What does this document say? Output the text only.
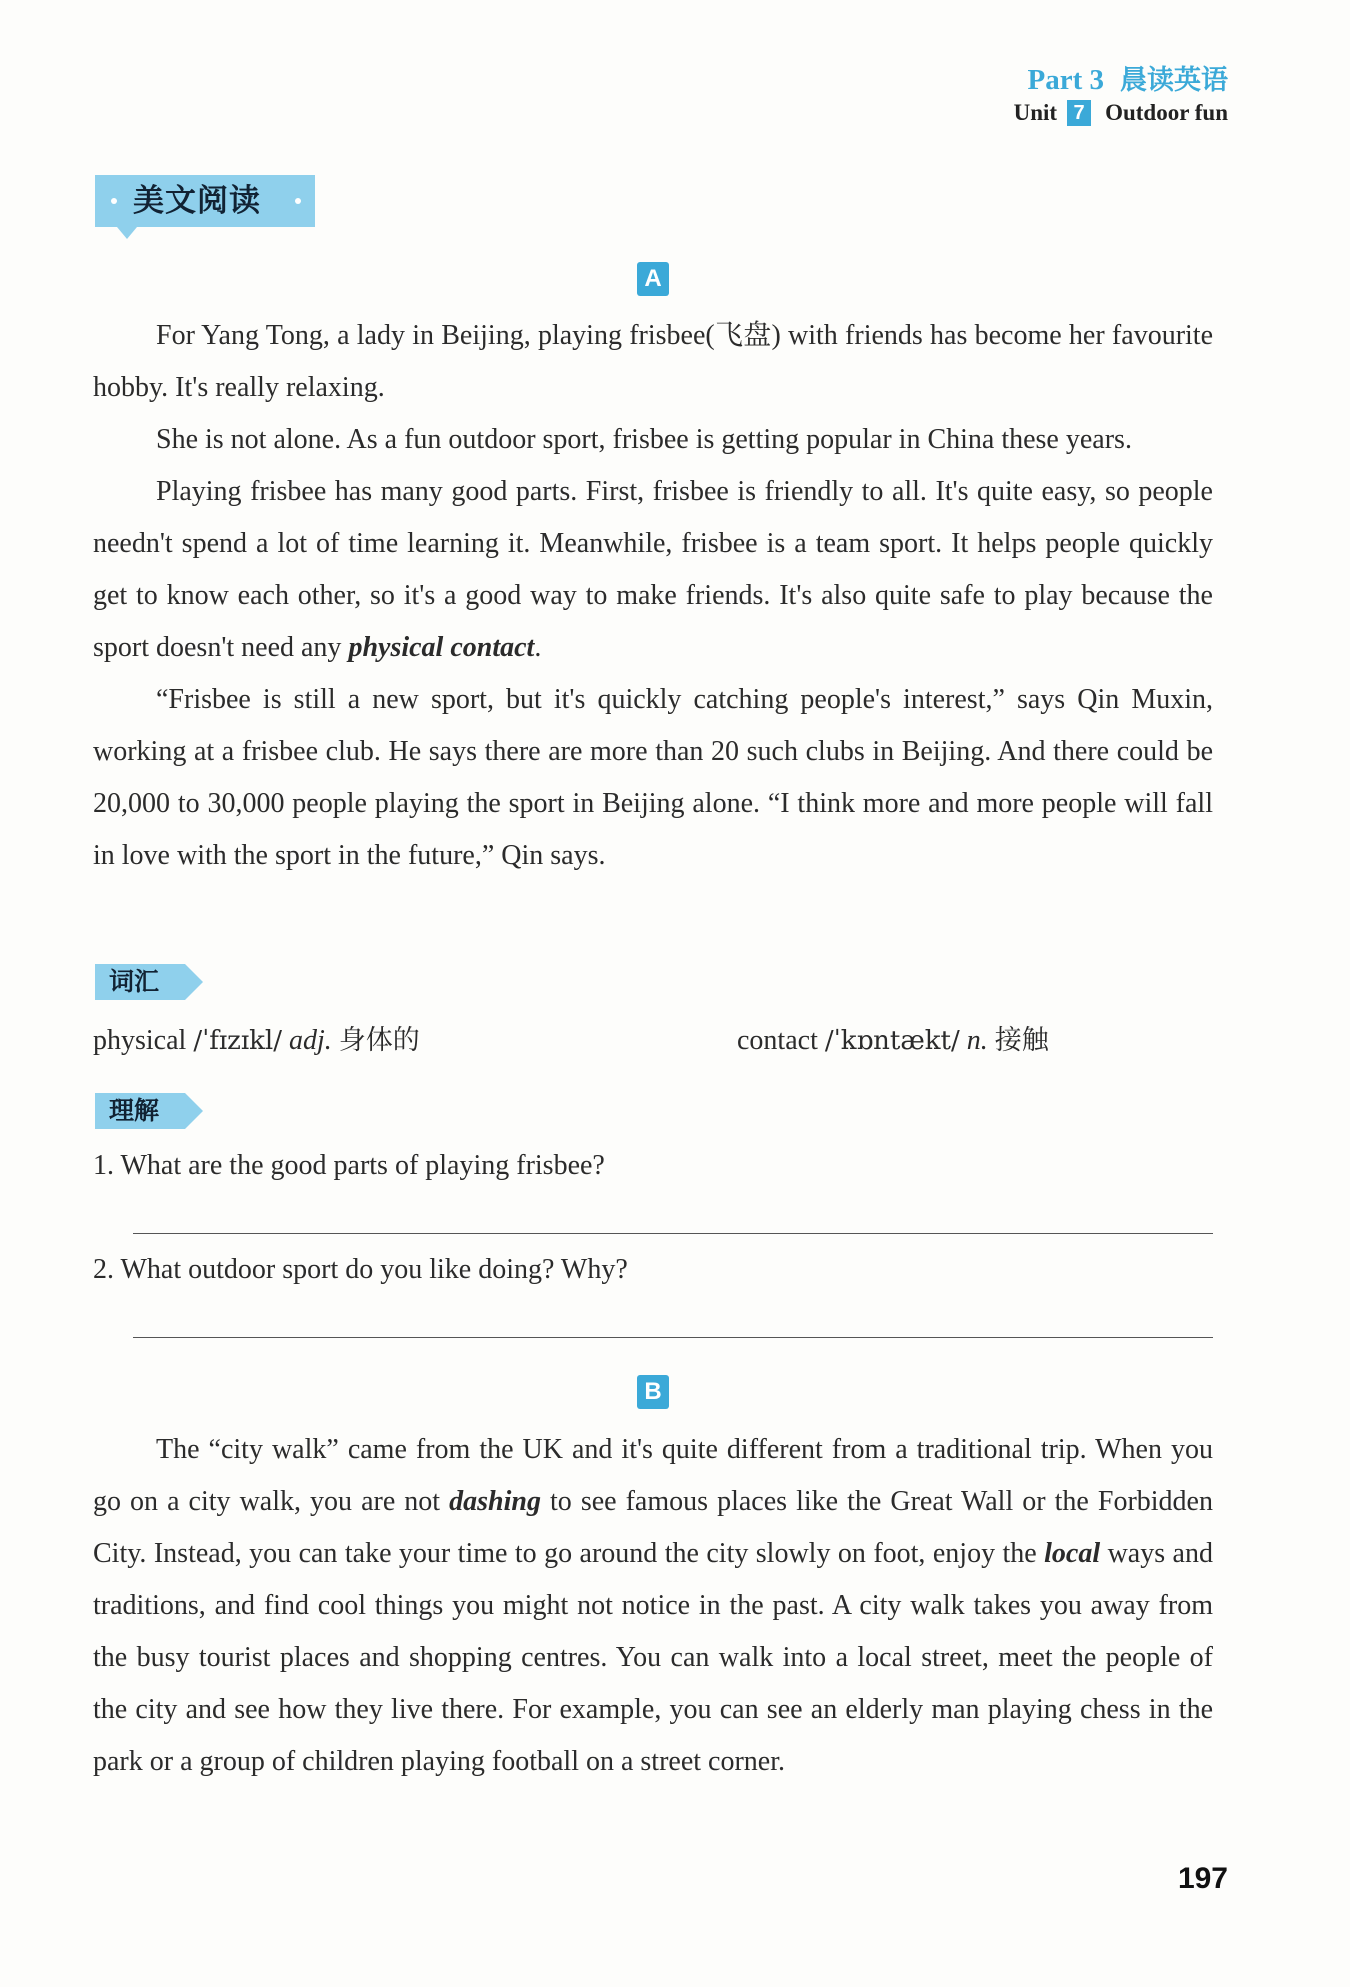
Part 3 晨读英语
Unit 7 Outdoor fun
美文阅读
A

For Yang Tong, a lady in Beijing, playing frisbee(飞盘) with friends has become her favourite hobby. It's really relaxing.

She is not alone. As a fun outdoor sport, frisbee is getting popular in China these years.

Playing frisbee has many good parts. First, frisbee is friendly to all. It's quite easy, so people needn't spend a lot of time learning it. Meanwhile, frisbee is a team sport. It helps people quickly get to know each other, so it's a good way to make friends. It's also quite safe to play because the sport doesn't need any physical contact.

“Frisbee is still a new sport, but it's quickly catching people's interest,” says Qin Muxin, working at a frisbee club. He says there are more than 20 such clubs in Beijing. And there could be 20,000 to 30,000 people playing the sport in Beijing alone. “I think more and more people will fall in love with the sport in the future,” Qin says.

词汇
physical /ˈfɪzɪkl/ adj. 身体的	contact /ˈkɒntækt/ n. 接触
理解
1. What are the good parts of playing frisbee?
2. What outdoor sport do you like doing? Why?
B

The “city walk” came from the UK and it's quite different from a traditional trip. When you go on a city walk, you are not dashing to see famous places like the Great Wall or the Forbidden City. Instead, you can take your time to go around the city slowly on foot, enjoy the local ways and traditions, and find cool things you might not notice in the past. A city walk takes you away from the busy tourist places and shopping centres. You can walk into a local street, meet the people of the city and see how they live there. For example, you can see an elderly man playing chess in the park or a group of children playing football on a street corner.

197
